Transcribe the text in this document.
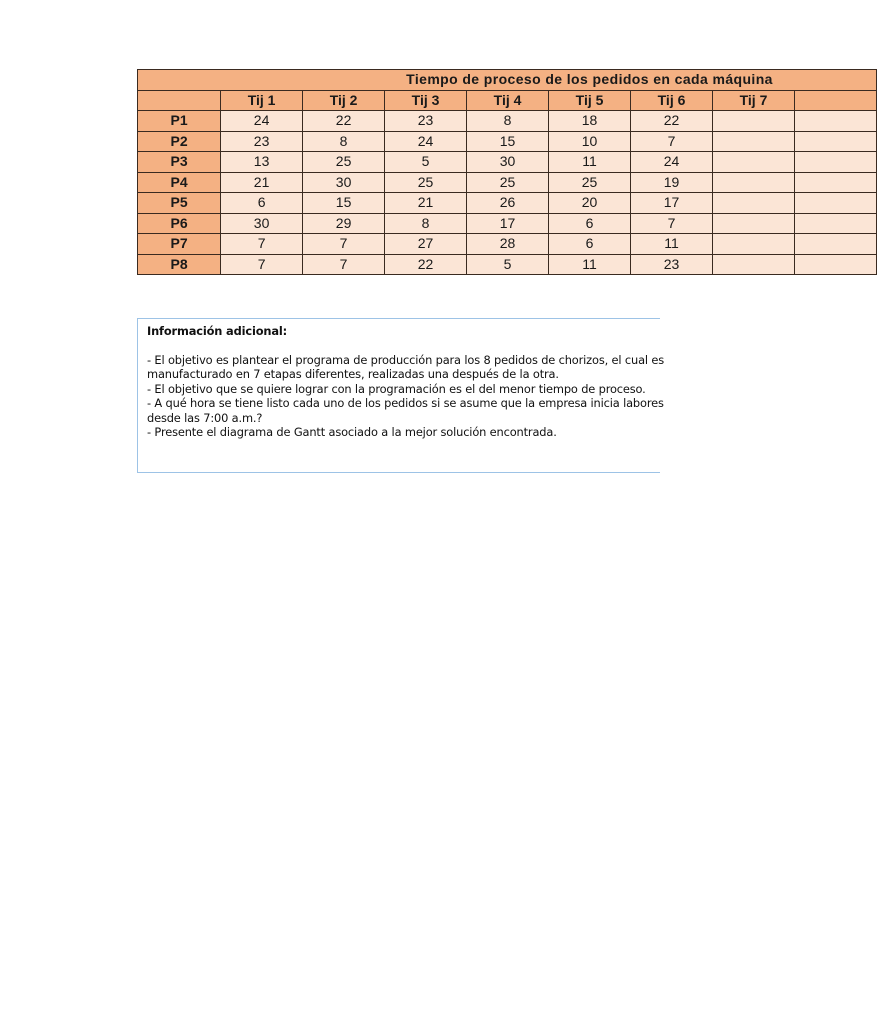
Tiempo de proceso de los pedidos en cada máquina								
	Tij 1	Tij 2	Tij 3	Tij 4	Tij 5	Tij 6	Tij 7	
P1	24	22	23	8	18	22		
P2	23	8	24	15	10	7		
P3	13	25	5	30	11	24		
P4	21	30	25	25	25	19		
P5	6	15	21	26	20	17		
P6	30	29	8	17	6	7		
P7	7	7	27	28	6	11		
P8	7	7	22	5	11	23		
Información adicional:
- El objetivo es plantear el programa de producción para los 8 pedidos de chorizos, el cual es
manufacturado en 7 etapas diferentes, realizadas una después de la otra.
- El objetivo que se quiere lograr con la programación es el del menor tiempo de proceso.
- A qué hora se tiene listo cada uno de los pedidos si se asume que la empresa inicia labores
desde las 7:00 a.m.?
- Presente el diagrama de Gantt asociado a la mejor solución encontrada.
